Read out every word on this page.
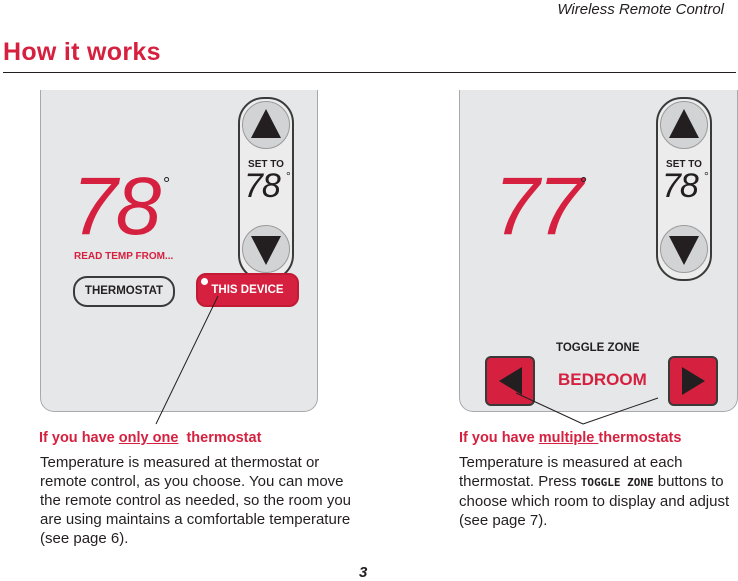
Wireless Remote Control
How it works
SET TO
78 °
78 °
READ TEMP FROM...
THERMOSTAT	THIS DEVICE
SET TO
78 °
77
°
TOGGLE ZONE
BEDROOM
If you have only one  thermostat
Temperature is measured at thermostat or remote control, as you choose. You can move the remote control as needed, so the room you are using maintains a comfortable temperature (see page 6).
If you have multiple thermostats
Temperature is measured at each thermostat. Press TOGGLE ZONE buttons to choose which room to display and adjust (see page 7).
3
